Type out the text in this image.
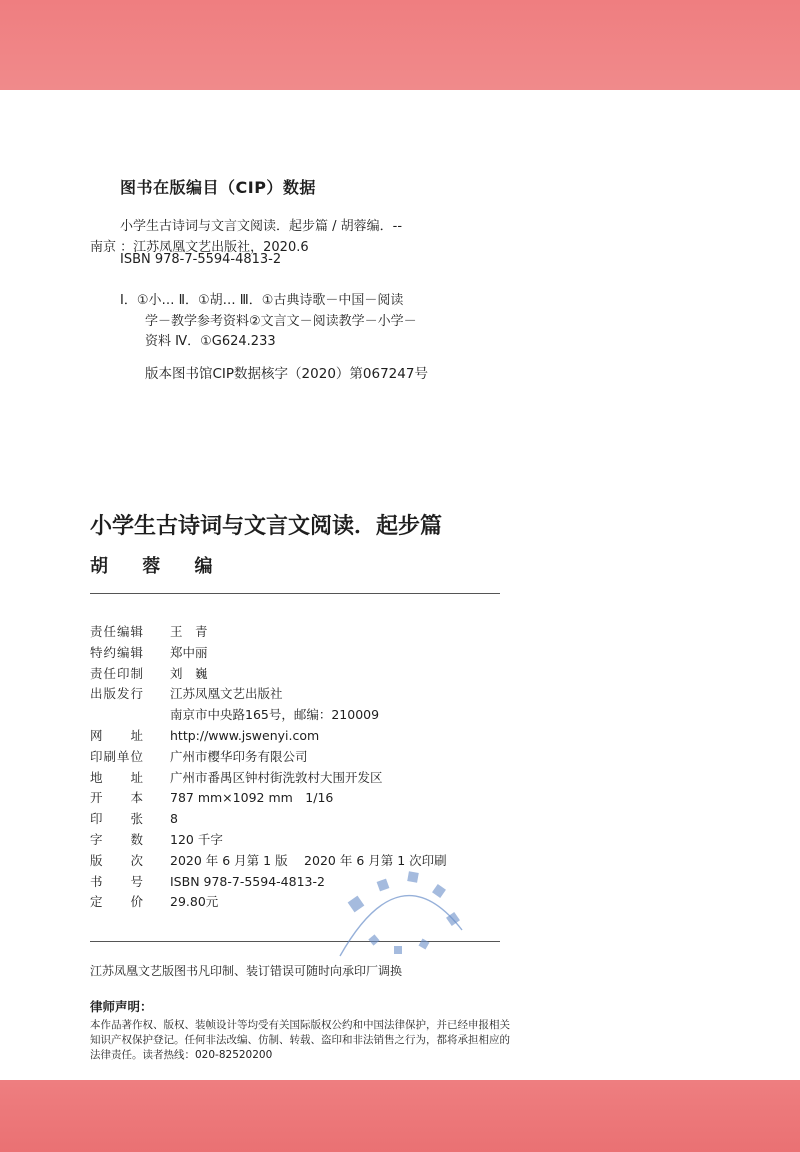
图书在版编目（CIP）数据
小学生古诗词与文言文阅读．起步篇 / 胡蓉编．--
南京 ：江苏凤凰文艺出版社，2020.6
ISBN 978-7-5594-4813-2
Ⅰ．①小… Ⅱ．①胡… Ⅲ．①古典诗歌－中国－阅读
学－教学参考资料②文言文－阅读教学－小学－
资料 Ⅳ．①G624.233
版本图书馆CIP数据核字（2020）第067247号
小学生古诗词与文言文阅读．起步篇
胡 蓉 编
责任编辑	王　青
特约编辑	郑中丽
责任印制	刘　巍
出版发行	江苏凤凰文艺出版社
南京市中央路165号，邮编：210009
网　　址	http://www.jswenyi.com
印刷单位	广州市樱华印务有限公司
地　　址	广州市番禺区钟村街洗敦村大围开发区
开　　本	787 mm×1092 mm　1/16
印　　张	8
字　　数	120 千字
版　　次	2020 年 6 月第 1 版　 2020 年 6 月第 1 次印刷
书　　号	ISBN 978-7-5594-4813-2
定　　价	29.80元
江苏凤凰文艺版图书凡印制、装订错误可随时向承印厂调换
律师声明：
本作品著作权、版权、装帧设计等均受有关国际版权公约和中国法律保护，并已经申报相关知识产权保护登记。任何非法改编、仿制、转载、盗印和非法销售之行为，都将承担相应的法律责任。读者热线：020-82520200
